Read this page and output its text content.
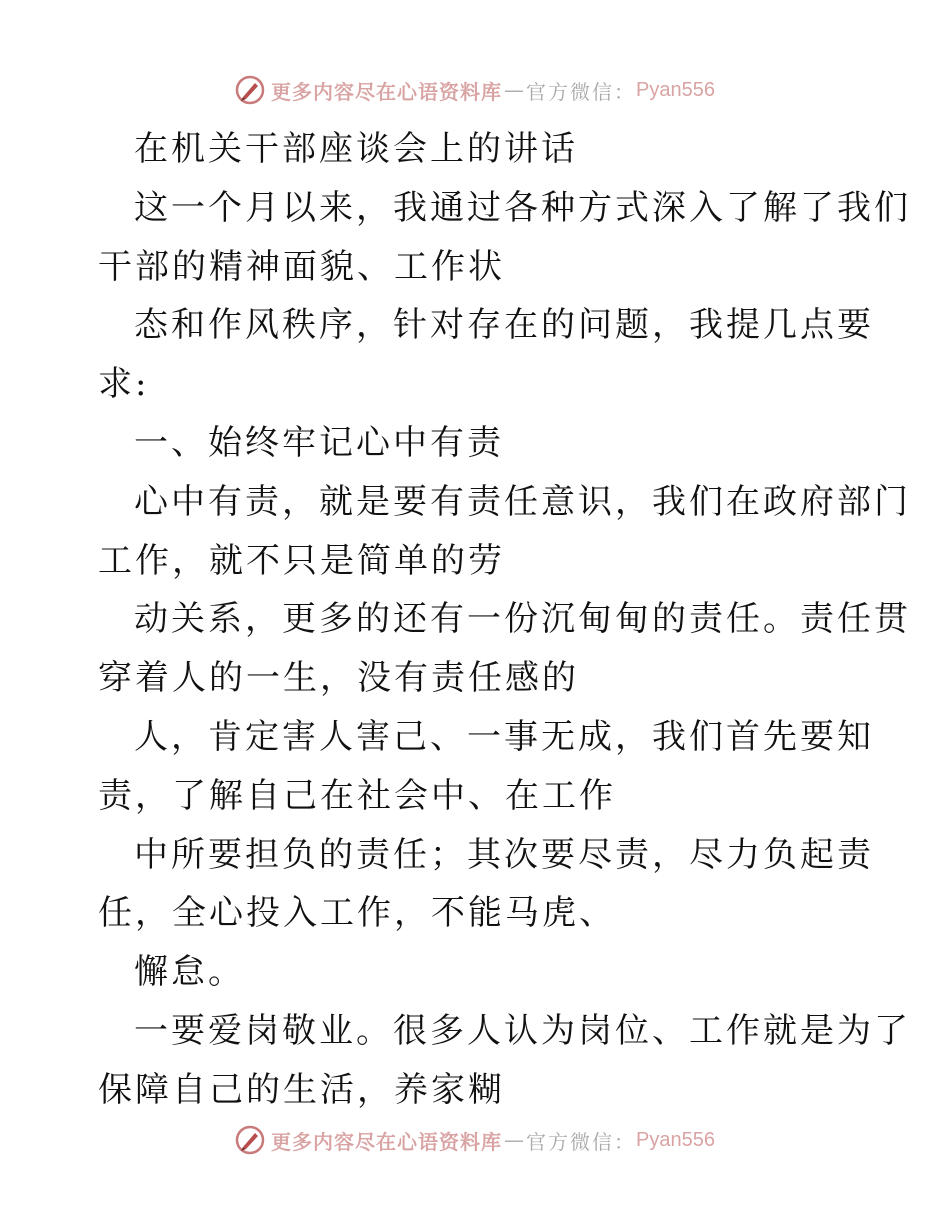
更多内容尽在心语资料库 — 官方微信： Pyan556
在机关干部座谈会上的讲话
这一个月以来，我通过各种方式深入了解了我们
干部的精神面貌、工作状
态和作风秩序，针对存在的问题，我提几点要
求:
一、始终牢记心中有责
心中有责，就是要有责任意识，我们在政府部门
工作，就不只是简单的劳
动关系，更多的还有一份沉甸甸的责任。责任贯
穿着人的一生，没有责任感的
人，肯定害人害己、一事无成，我们首先要知
责，了解自己在社会中、在工作
中所要担负的责任；其次要尽责，尽力负起责
任，全心投入工作，不能马虎、
懈怠。
一要爱岗敬业。很多人认为岗位、工作就是为了
保障自己的生活，养家糊
更多内容尽在心语资料库 — 官方微信： Pyan556
